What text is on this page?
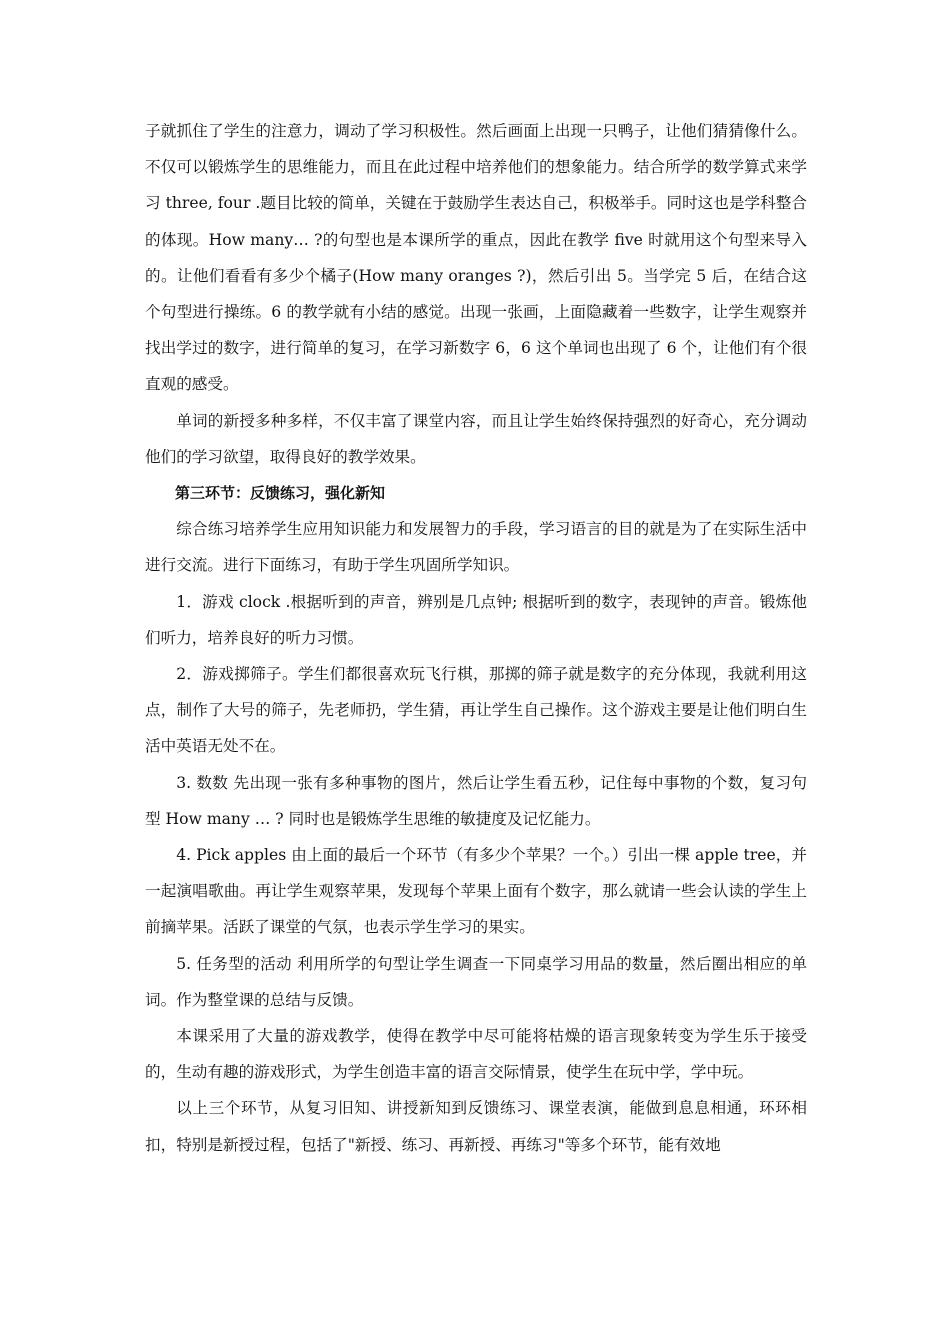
子就抓住了学生的注意力，调动了学习积极性。然后画面上出现一只鸭子，让他们猜猜像什么。不仅可以锻炼学生的思维能力，而且在此过程中培养他们的想象能力。结合所学的数学算式来学习 three, four .题目比较的简单，关键在于鼓励学生表达自己，积极举手。同时这也是学科整合的体现。How many… ?的句型也是本课所学的重点，因此在教学 five 时就用这个句型来导入的。让他们看看有多少个橘子(How many oranges ?)，然后引出 5。当学完 5 后，在结合这个句型进行操练。6 的教学就有小结的感觉。出现一张画，上面隐藏着一些数字，让学生观察并找出学过的数字，进行简单的复习，在学习新数字 6，6 这个单词也出现了 6 个，让他们有个很直观的感受。

单词的新授多种多样，不仅丰富了课堂内容，而且让学生始终保持强烈的好奇心，充分调动他们的学习欲望，取得良好的教学效果。

第三环节：反馈练习，强化新知

综合练习培养学生应用知识能力和发展智力的手段，学习语言的目的就是为了在实际生活中进行交流。进行下面练习，有助于学生巩固所学知识。

1．游戏 clock .根据听到的声音，辨别是几点钟; 根据听到的数字，表现钟的声音。锻炼他们听力，培养良好的听力习惯。

2．游戏掷筛子。学生们都很喜欢玩飞行棋，那掷的筛子就是数字的充分体现，我就利用这点，制作了大号的筛子，先老师扔，学生猜，再让学生自己操作。这个游戏主要是让他们明白生活中英语无处不在。

3. 数数 先出现一张有多种事物的图片，然后让学生看五秒，记住每中事物的个数，复习句型 How many … ? 同时也是锻炼学生思维的敏捷度及记忆能力。

4. Pick apples 由上面的最后一个环节（有多少个苹果？一个。）引出一棵 apple tree，并一起演唱歌曲。再让学生观察苹果，发现每个苹果上面有个数字，那么就请一些会认读的学生上前摘苹果。活跃了课堂的气氛，也表示学生学习的果实。

5. 任务型的活动 利用所学的句型让学生调查一下同桌学习用品的数量，然后圈出相应的单词。作为整堂课的总结与反馈。

本课采用了大量的游戏教学，使得在教学中尽可能将枯燥的语言现象转变为学生乐于接受的，生动有趣的游戏形式，为学生创造丰富的语言交际情景，使学生在玩中学，学中玩。

以上三个环节，从复习旧知、讲授新知到反馈练习、课堂表演，能做到息息相通，环环相扣，特别是新授过程，包括了"新授、练习、再新授、再练习"等多个环节，能有效地
